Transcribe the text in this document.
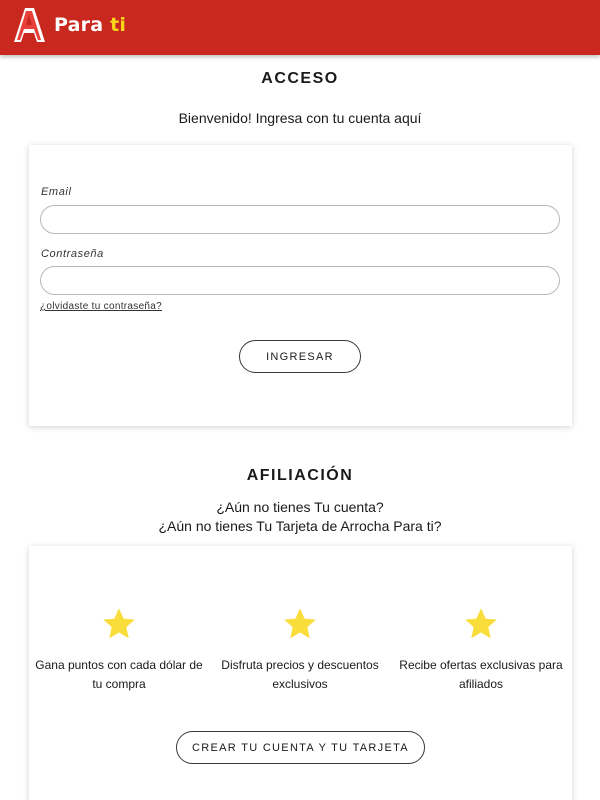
Para ti
ACCESO
Bienvenido! Ingresa con tu cuenta aquí
Email
Contraseña
¿olvidaste tu contraseña?
INGRESAR
AFILIACIÓN
¿Aún no tienes Tu cuenta?
¿Aún no tienes Tu Tarjeta de Arrocha Para ti?
Gana puntos con cada dólar de tu compra
Disfruta precios y descuentos exclusivos
Recibe ofertas exclusivas para afiliados
CREAR TU CUENTA Y TU TARJETA
